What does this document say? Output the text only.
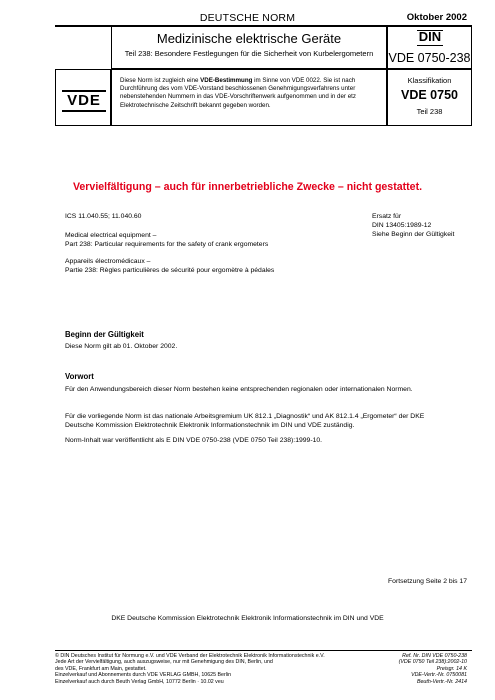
DEUTSCHE NORM	Oktober 2002
Medizinische elektrische Geräte
Teil 238: Besondere Festlegungen für die Sicherheit von Kurbelergometern
DIN
VDE 0750-238
VDE
Diese Norm ist zugleich eine VDE-Bestimmung im Sinne von VDE 0022. Sie ist nach Durchführung des vom VDE-Vorstand beschlossenen Genehmigungsverfahrens unter nebenstehenden Nummern in das VDE-Vorschriftenwerk aufgenommen und in der etz Elektrotechnische Zeitschrift bekannt gegeben worden.
Klassifikation
VDE 0750
Teil 238
Vervielfältigung – auch für innerbetriebliche Zwecke – nicht gestattet.
ICS 11.040.55; 11.040.60	Ersatz für
DIN 13405:1989-12
Siehe Beginn der Gültigkeit
Medical electrical equipment –
Part 238: Particular requirements for the safety of crank ergometers
Appareils électromédicaux –
Partie 238: Règles particulières de sécurité pour ergomètre à pédales
Beginn der Gültigkeit
Diese Norm gilt ab 01. Oktober 2002.
Vorwort
Für den Anwendungsbereich dieser Norm bestehen keine entsprechenden regionalen oder internationalen Normen.
Für die vorliegende Norm ist das nationale Arbeitsgremium UK 812.1 „Diagnostik“ und AK 812.1.4 „Ergometer“ der DKE
Deutsche Kommission Elektrotechnik Elektronik Informationstechnik im DIN und VDE zuständig.
Norm-Inhalt war veröffentlicht als E DIN VDE 0750-238 (VDE 0750 Teil 238):1999-10.
Fortsetzung Seite 2 bis 17
DKE Deutsche Kommission Elektrotechnik Elektronik Informationstechnik im DIN und VDE
© DIN Deutsches Institut für Normung e.V. und VDE Verband der Elektrotechnik Elektronik Informationstechnik e.V.
Jede Art der Vervielfältigung, auch auszugsweise, nur mit Genehmigung des DIN, Berlin, und
des VDE, Frankfurt am Main, gestattet.
Einzelverkauf und Abonnements durch VDE VERLAG GMBH, 10625 Berlin
Einzelverkauf auch durch Beuth Verlag GmbH, 10772 Berlin · 10.02 veu
Ref. Nr. DIN VDE 0750-238
(VDE 0750 Teil 238):2002-10
Preisgr. 14 K
VDE-Vertr.-Nr. 0750081
Beuth-Vertr.-Nr. 2414
